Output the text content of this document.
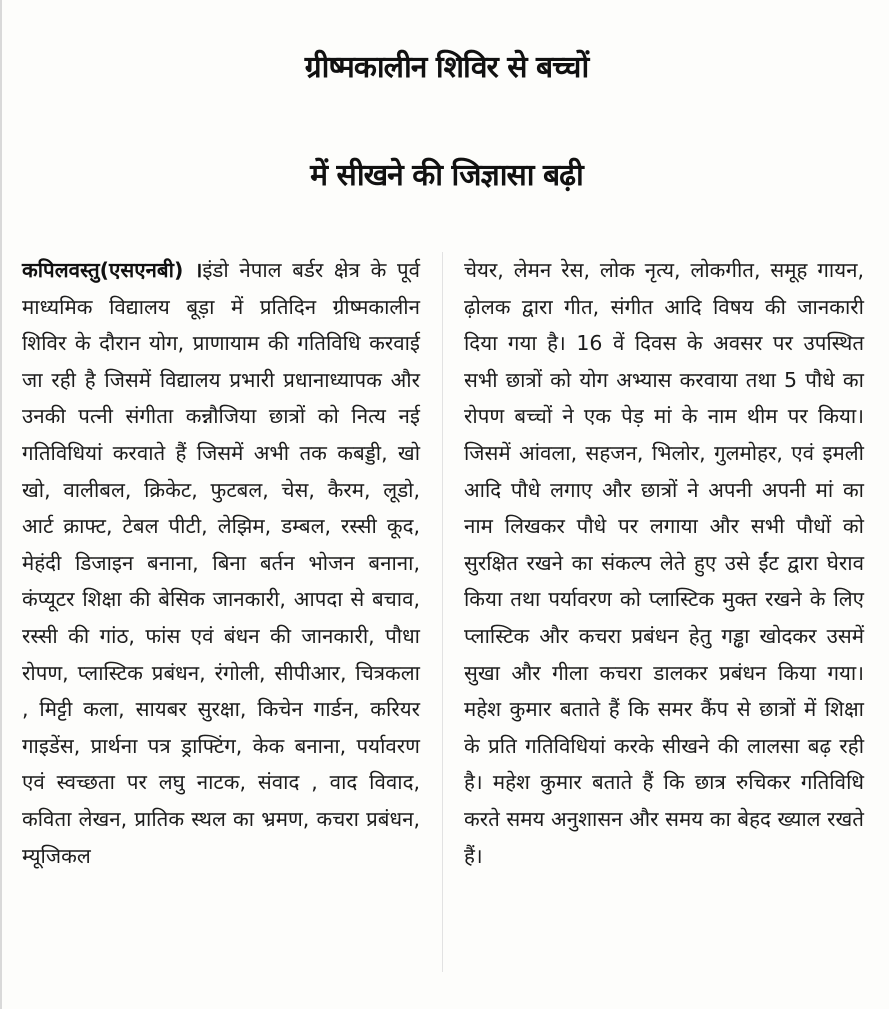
ग्रीष्मकालीन शिविर से बच्चों
में सीखने की जिज्ञासा बढ़ी

कपिलवस्तु(एसएनबी) ।इंडो नेपाल बर्डर क्षेत्र के पूर्व माध्यमिक विद्यालय बूड़ा में प्रतिदिन ग्रीष्मकालीन शिविर के दौरान योग, प्राणायाम की गतिविधि करवाई जा रही है जिसमें विद्यालय प्रभारी प्रधानाध्यापक और उनकी पत्नी संगीता कन्नौजिया छात्रों को नित्य नई गतिविधियां करवाते हैं जिसमें अभी तक कबड्डी, खो खो, वालीबल, क्रिकेट, फुटबल, चेस, कैरम, लूडो, आर्ट क्राफ्ट, टेबल पीटी, लेझिम, डम्बल, रस्सी कूद, मेहंदी डिजाइन बनाना, बिना बर्तन भोजन बनाना, कंप्यूटर शिक्षा की बेसिक जानकारी, आपदा से बचाव, रस्सी की गांठ, फांस एवं बंधन की जानकारी, पौधा रोपण, प्लास्टिक प्रबंधन, रंगोली, सीपीआर, चित्रकला , मिट्टी कला, सायबर सुरक्षा, किचेन गार्डन, करियर गाइडेंस, प्रार्थना पत्र ड्राफ्टिंग, केक बनाना, पर्यावरण एवं स्वच्छता पर लघु नाटक, संवाद , वाद विवाद, कविता लेखन, प्रातिक स्थल का भ्रमण, कचरा प्रबंधन, म्यूजिकल

चेयर, लेमन रेस, लोक नृत्य, लोकगीत, समूह गायन, ढ़ोलक द्वारा गीत, संगीत आदि विषय की जानकारी दिया गया है। 16 वें दिवस के अवसर पर उपस्थित सभी छात्रों को योग अभ्यास करवाया तथा 5 पौधे का रोपण बच्चों ने एक पेड़ मां के नाम थीम पर किया। जिसमें आंवला, सहजन, भिलोर, गुलमोहर, एवं इमली आदि पौधे लगाए और छात्रों ने अपनी अपनी मां का नाम लिखकर पौधे पर लगाया और सभी पौधों को सुरक्षित रखने का संकल्प लेते हुए उसे ईंट द्वारा घेराव किया तथा पर्यावरण को प्लास्टिक मुक्त रखने के लिए प्लास्टिक और कचरा प्रबंधन हेतु गड्ढा खोदकर उसमें सुखा और गीला कचरा डालकर प्रबंधन किया गया।महेश कुमार बताते हैं कि समर कैंप से छात्रों में शिक्षा के प्रति गतिविधियां करके सीखने की लालसा बढ़ रही है। महेश कुमार बताते हैं कि छात्र रुचिकर गतिविधि करते समय अनुशासन और समय का बेहद ख्याल रखते हैं।
